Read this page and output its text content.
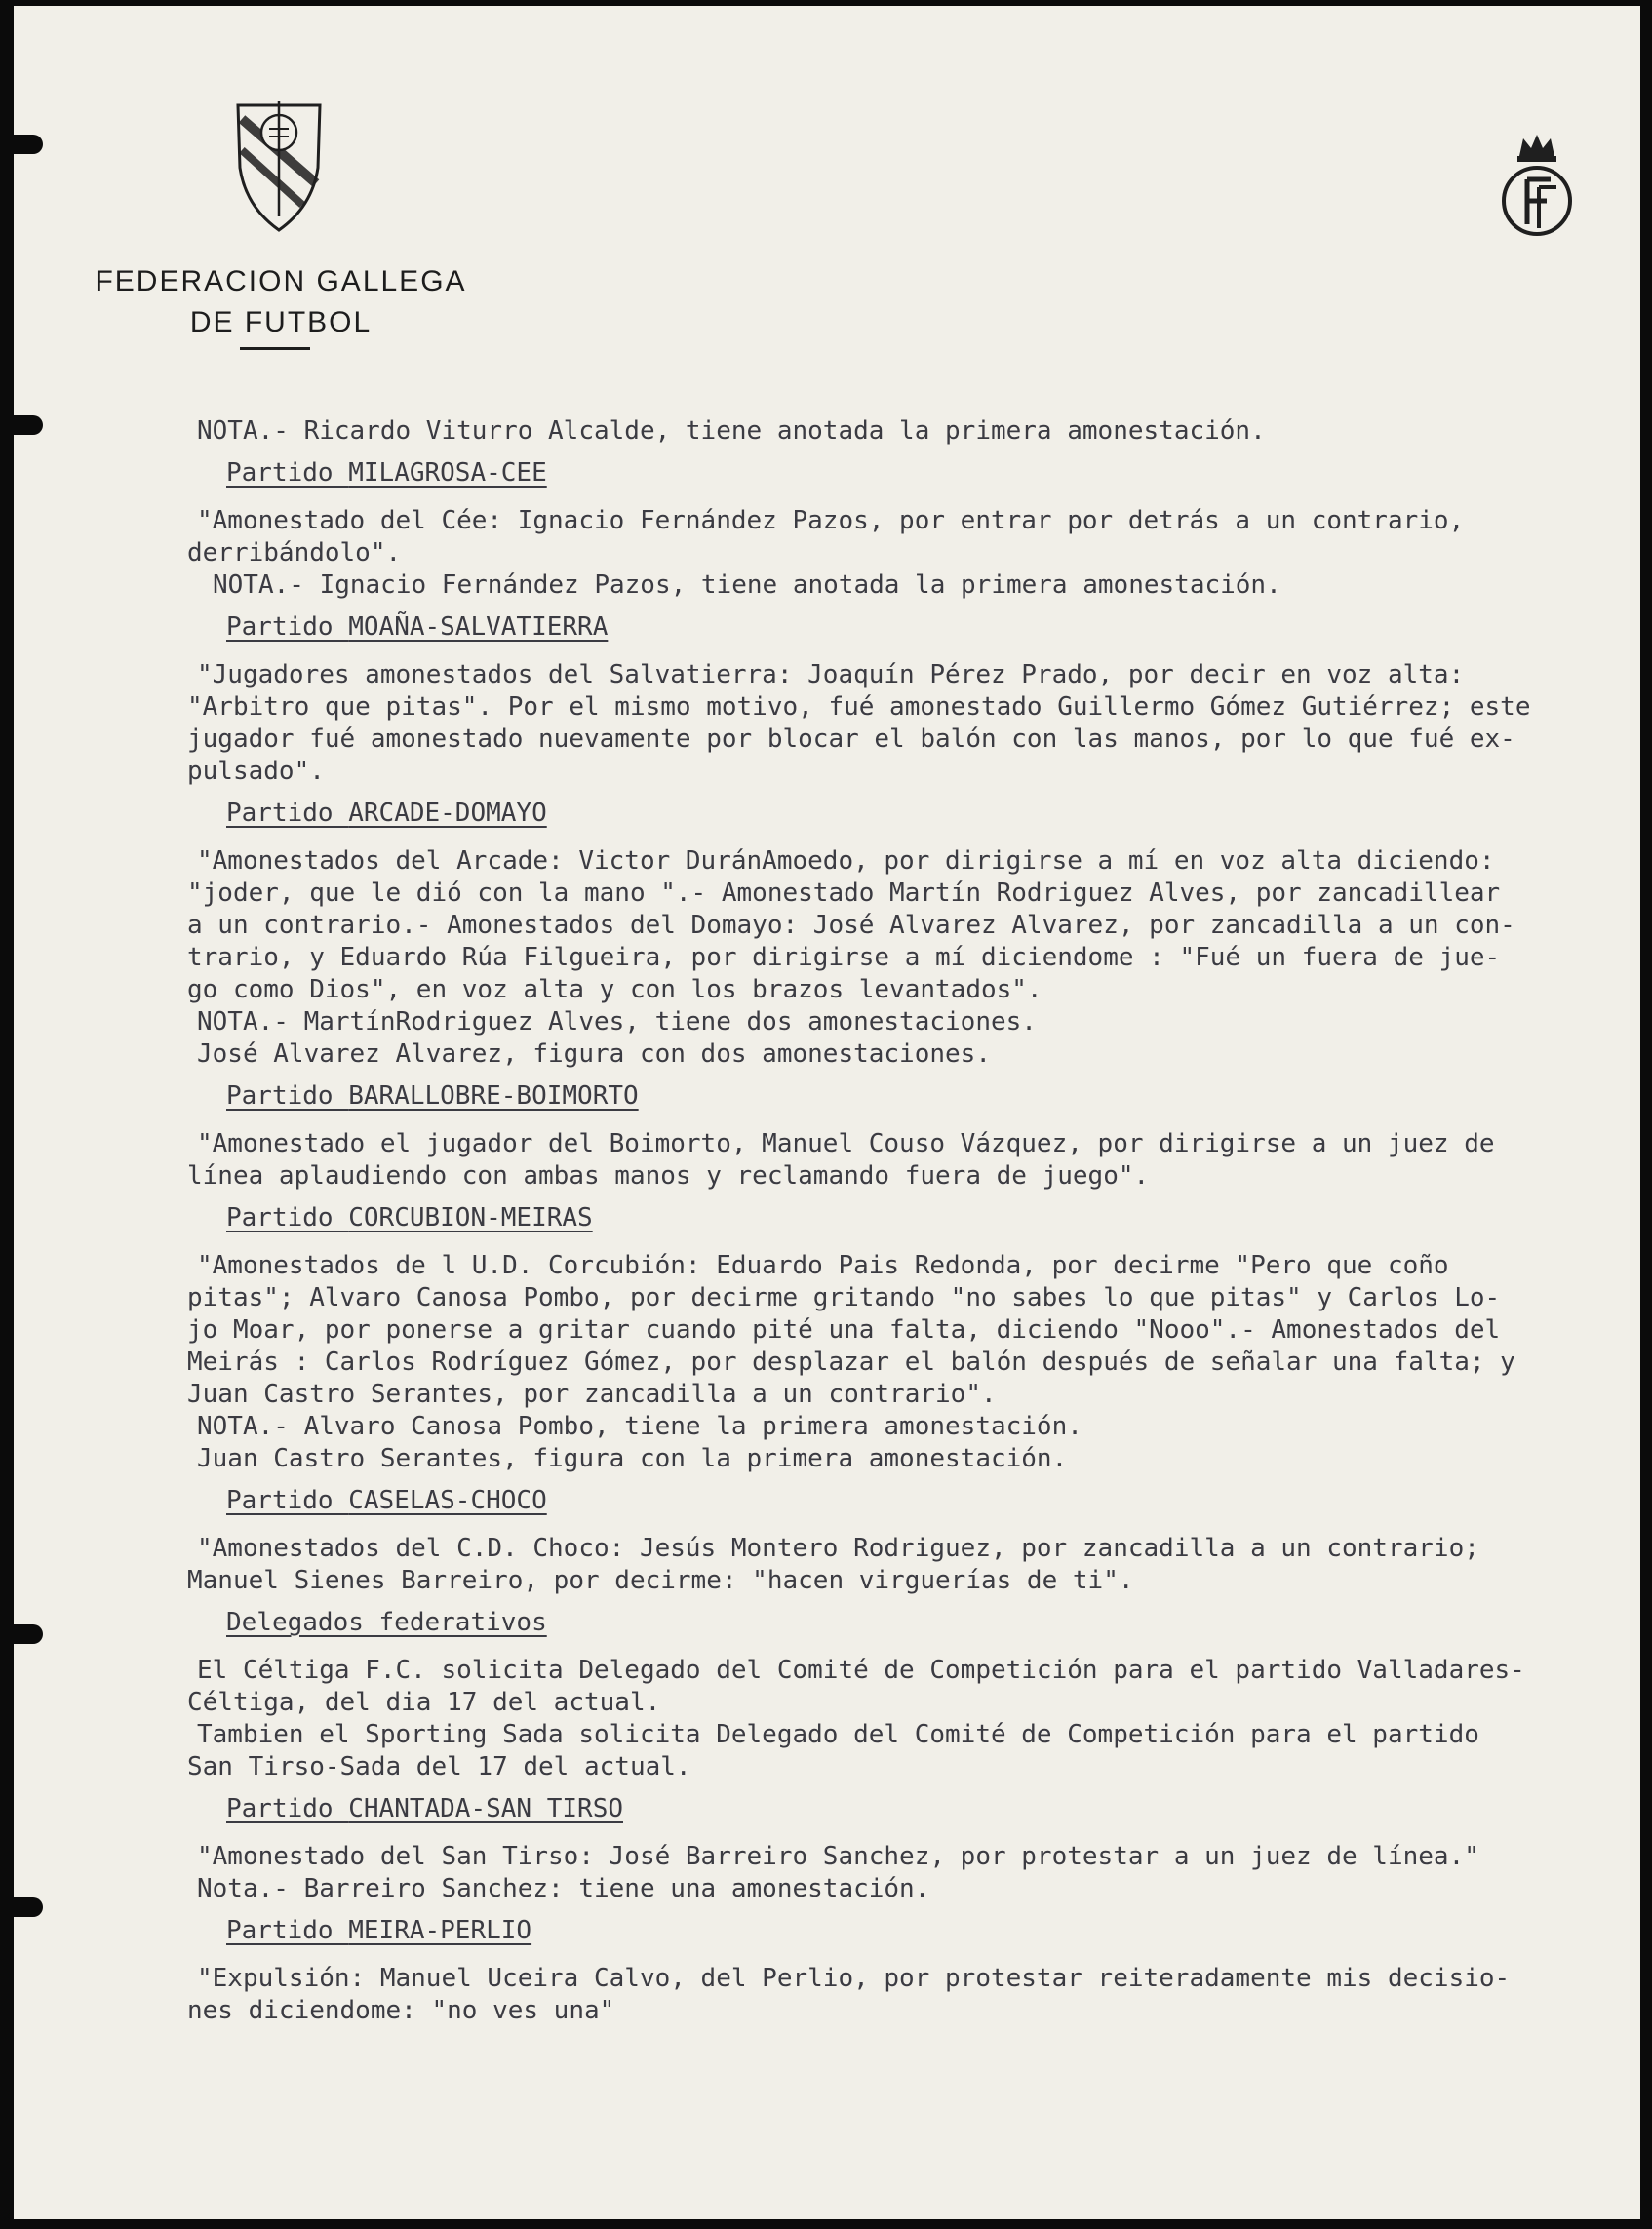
FEDERACION GALLEGA
DE FUTBOL
NOTA.- Ricardo Viturro Alcalde, tiene anotada la primera amonestación.
Partido MILAGROSA-CEE
"Amonestado del Cée: Ignacio Fernández Pazos, por entrar por detrás a un contrario,
derribándolo".
NOTA.- Ignacio Fernández Pazos, tiene anotada la primera amonestación.
Partido MOAÑA-SALVATIERRA
"Jugadores amonestados del Salvatierra: Joaquín Pérez Prado, por decir en voz alta:
"Arbitro que pitas". Por el mismo motivo, fué amonestado Guillermo Gómez Gutiérrez; este
jugador fué amonestado nuevamente por blocar el balón con las manos, por lo que fué ex-
pulsado".
Partido ARCADE-DOMAYO
"Amonestados del Arcade: Victor DuránAmoedo, por dirigirse a mí en voz alta diciendo:
"joder, que le dió con la mano ".- Amonestado Martín Rodriguez Alves, por zancadillear
a un contrario.- Amonestados del Domayo: José Alvarez Alvarez, por zancadilla a un con-
trario, y Eduardo Rúa Filgueira, por dirigirse a mí diciendome : "Fué un fuera de jue-
go como Dios", en voz alta y con los brazos levantados".
NOTA.- MartínRodriguez Alves, tiene dos amonestaciones.
José Alvarez Alvarez, figura con dos amonestaciones.
Partido BARALLOBRE-BOIMORTO
"Amonestado el jugador del Boimorto, Manuel Couso Vázquez, por dirigirse a un juez de
línea aplaudiendo con ambas manos y reclamando fuera de juego".
Partido CORCUBION-MEIRAS
"Amonestados de l U.D. Corcubión: Eduardo Pais Redonda, por decirme "Pero que coño
pitas"; Alvaro Canosa Pombo, por decirme gritando "no sabes lo que pitas" y Carlos Lo-
jo Moar, por ponerse a gritar cuando pité una falta, diciendo "Nooo".- Amonestados del
Meirás : Carlos Rodríguez Gómez, por desplazar el balón después de señalar una falta; y
Juan Castro Serantes, por zancadilla a un contrario".
NOTA.- Alvaro Canosa Pombo, tiene la primera amonestación.
Juan Castro Serantes, figura con la primera amonestación.
Partido CASELAS-CHOCO
"Amonestados del C.D. Choco: Jesús Montero Rodriguez, por zancadilla a un contrario;
Manuel Sienes Barreiro, por decirme: "hacen virguerías de ti".
Delegados federativos
El Céltiga F.C. solicita Delegado del Comité de Competición para el partido Valladares-
Céltiga, del dia 17 del actual.
Tambien el Sporting Sada solicita Delegado del Comité de Competición para el partido
San Tirso-Sada del 17 del actual.
Partido CHANTADA-SAN TIRSO
"Amonestado del San Tirso: José Barreiro Sanchez, por protestar a un juez de línea."
Nota.- Barreiro Sanchez: tiene una amonestación.
Partido MEIRA-PERLIO
"Expulsión: Manuel Uceira Calvo, del Perlio, por protestar reiteradamente mis decisio-
nes diciendome: "no ves una"
